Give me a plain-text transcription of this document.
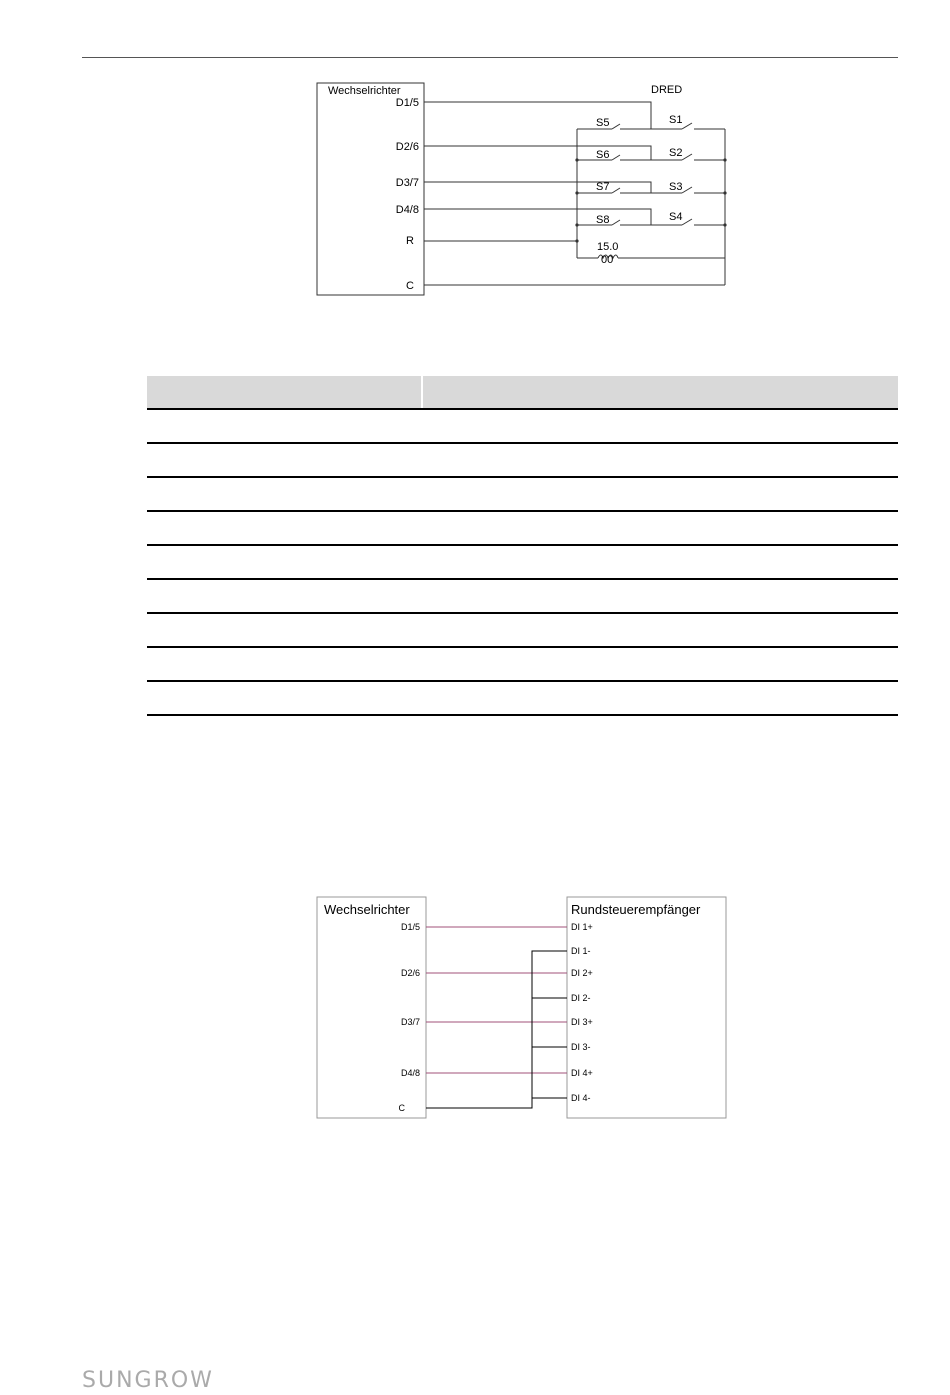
Wechselrichter	DRED
D1/5
D2/6
D3/7
D4/8
R
C
S5
S6
S7
S8
S1
S2
S3
S4
15.0
00

Wechselrichter	Rundsteuerempfänger
D1/5
D2/6
D3/7
D4/8
C
DI 1+
DI 1-
DI 2+
DI 2-
DI 3+
DI 3-
DI 4+
DI 4-
SUNGROW
